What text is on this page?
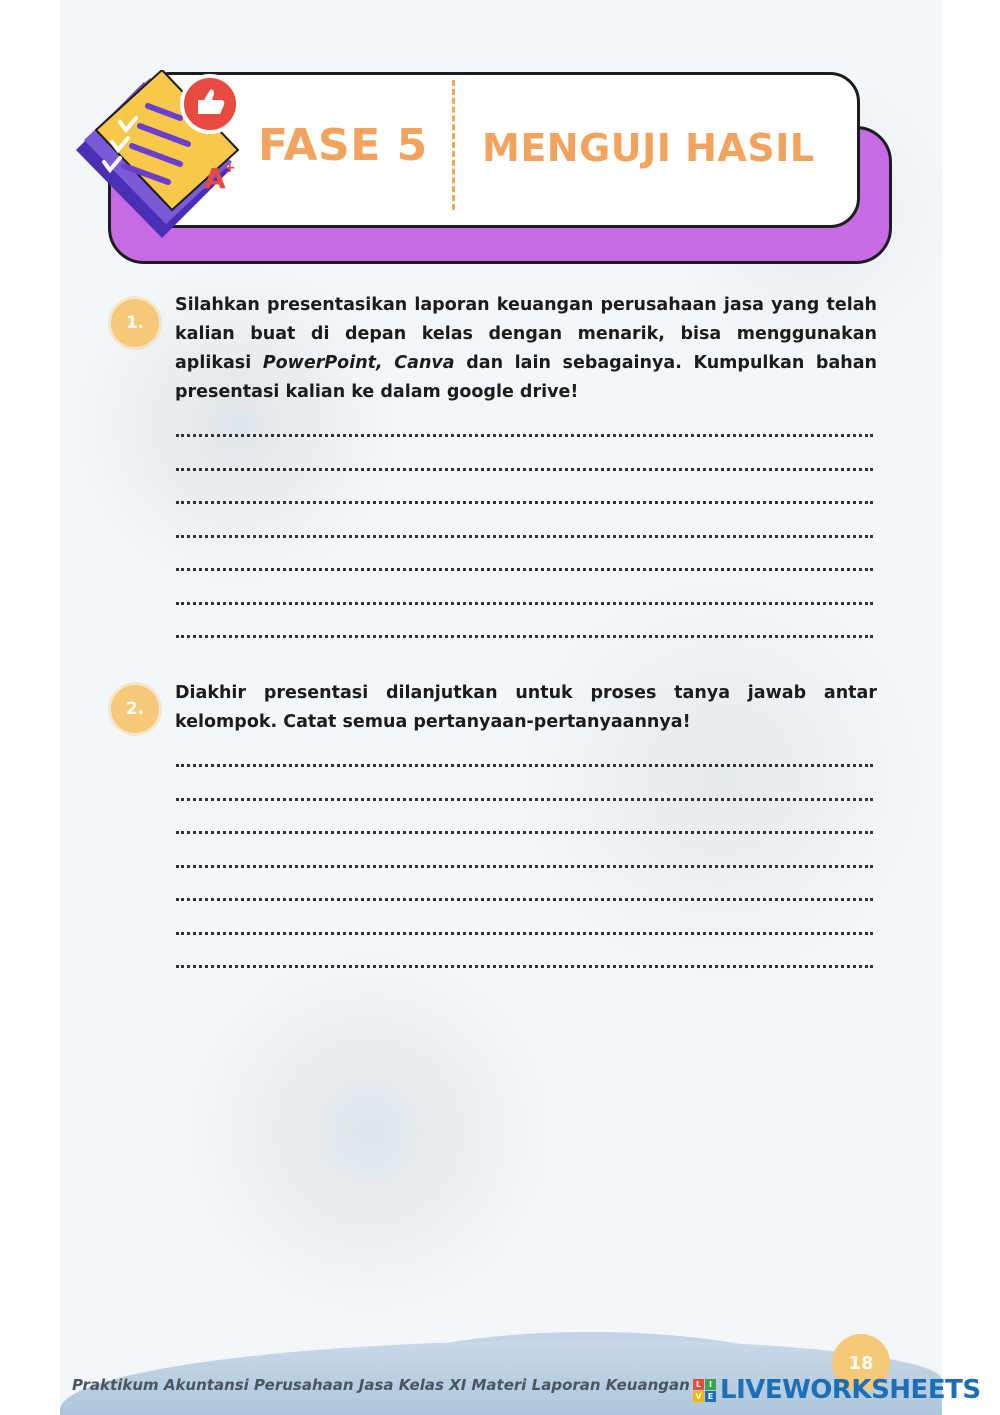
FASE 5 MENGUJI HASIL
A
+
1.
Silahkan presentasikan laporan keuangan perusahaan jasa yang telah kalian buat di depan kelas dengan menarik, bisa menggunakan aplikasi PowerPoint, Canva dan lain sebagainya. Kumpulkan bahan presentasi kalian ke dalam google drive!
2.
Diakhir presentasi dilanjutkan untuk proses tanya jawab antar kelompok. Catat semua pertanyaan-pertanyaannya!
18
Praktikum Akuntansi Perusahaan Jasa Kelas XI Materi Laporan Keuangan L I
V E LIVEWORKSHEETS
